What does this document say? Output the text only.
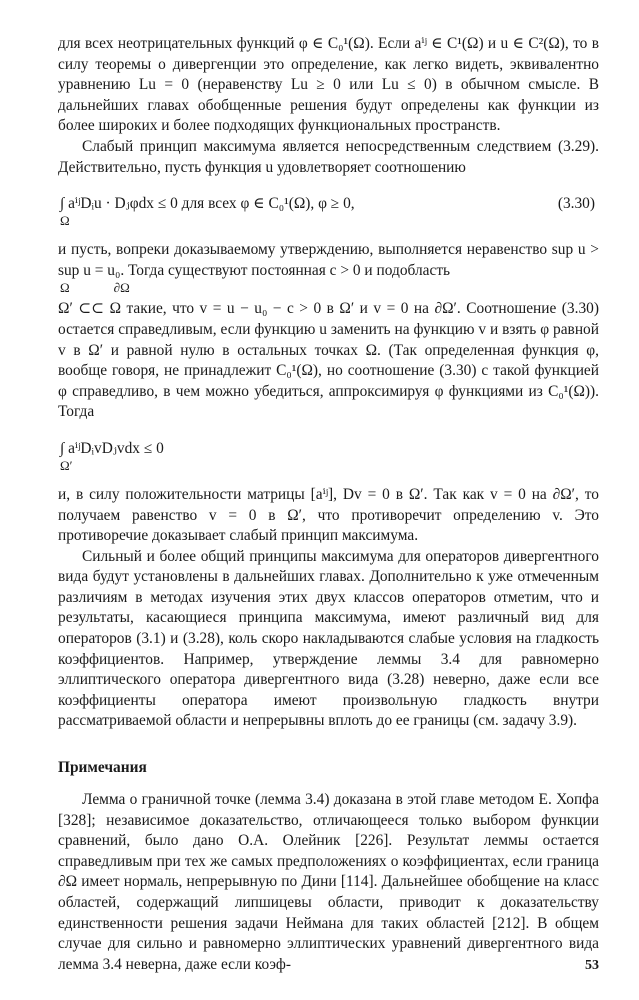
для всех неотрицательных функций φ ∈ C₀¹(Ω). Если aⁱʲ ∈ C¹(Ω) и u ∈ C²(Ω), то в силу теоремы о дивергенции это определение, как легко видеть, эквивалентно уравнению Lu = 0 (неравенству Lu ≥ 0 или Lu ≤ 0) в обычном смысле. В дальнейших главах обобщенные решения будут определены как функции из более широких и более подходящих функциональных пространств.

Слабый принцип максимума является непосредственным следствием (3.29). Действительно, пусть функция u удовлетворяет соотношению

∫ aⁱʲDᵢu · Dⱼφdx ≤ 0 для всех φ ∈ C₀¹(Ω), φ ≥ 0,
Ω
(3.30)

и пусть, вопреки доказываемому утверждению, выполняется неравенство sup u > sup u = u₀. Тогда существуют постоянная c > 0 и подобласть

Ω	∂Ω

Ω′ ⊂⊂ Ω такие, что v = u − u₀ − c > 0 в Ω′ и v = 0 на ∂Ω′. Соотношение (3.30) остается справедливым, если функцию u заменить на функцию v и взять φ равной v в Ω′ и равной нулю в остальных точках Ω. (Так определенная функция φ, вообще говоря, не принадлежит C₀¹(Ω), но соотношение (3.30) с такой функцией φ справедливо, в чем можно убедиться, аппроксимируя φ функциями из C₀¹(Ω)). Тогда

∫ aⁱʲDᵢvDⱼvdx ≤ 0
Ω′

и, в силу положительности матрицы [aⁱʲ], Dv = 0 в Ω′. Так как v = 0 на ∂Ω′, то получаем равенство v = 0 в Ω′, что противоречит определению v. Это противоречие доказывает слабый принцип максимума.

Сильный и более общий принципы максимума для операторов дивергентного вида будут установлены в дальнейших главах. Дополнительно к уже отмеченным различиям в методах изучения этих двух классов операторов отметим, что и результаты, касающиеся принципа максимума, имеют различный вид для операторов (3.1) и (3.28), коль скоро накладываются слабые условия на гладкость коэффициентов. Например, утверждение леммы 3.4 для равномерно эллиптического оператора дивергентного вида (3.28) неверно, даже если все коэффициенты оператора имеют произвольную гладкость внутри рассматриваемой области и непрерывны вплоть до ее границы (см. задачу 3.9).

Примечания

Лемма о граничной точке (лемма 3.4) доказана в этой главе методом Е. Хопфа [328]; независимое доказательство, отличающееся только выбором функции сравнений, было дано О.А. Олейник [226]. Результат леммы остается справедливым при тех же самых предположениях о коэффициентах, если граница ∂Ω имеет нормаль, непрерывную по Дини [114]. Дальнейшее обобщение на класс областей, содержащий липшицевы области, приводит к доказательству единственности решения задачи Неймана для таких областей [212]. В общем случае для сильно и равномерно эллиптических уравнений дивергентного вида лемма 3.4 неверна, даже если коэф-	53
